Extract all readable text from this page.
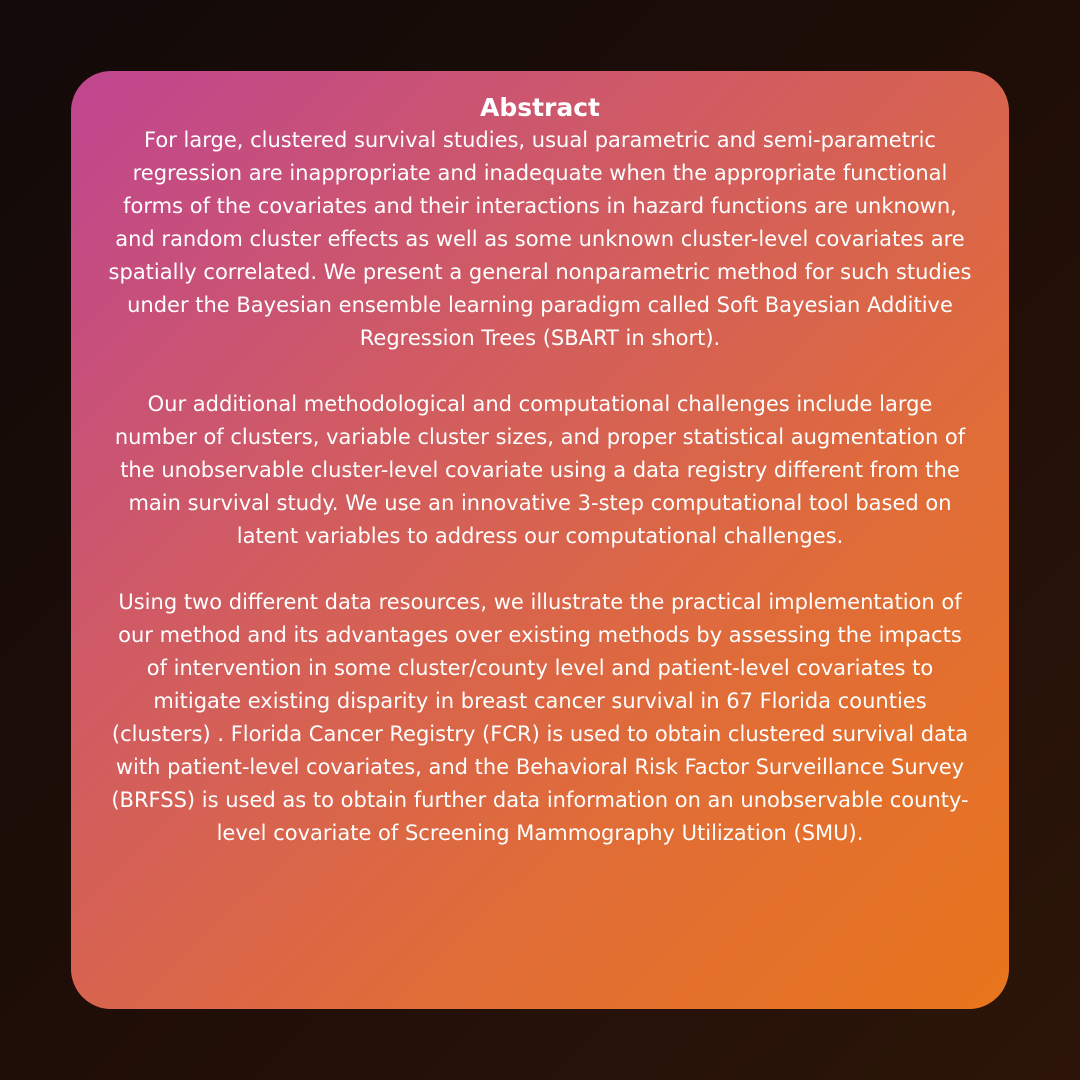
Abstract

For large, clustered survival studies, usual parametric and semi-parametric regression are inappropriate and inadequate when the appropriate functional forms of the covariates and their interactions in hazard functions are unknown, and random cluster effects as well as some unknown cluster-level covariates are spatially correlated. We present a general nonparametric method for such studies under the Bayesian ensemble learning paradigm called Soft Bayesian Additive Regression Trees (SBART in short).

Our additional methodological and computational challenges include large number of clusters, variable cluster sizes, and proper statistical augmentation of the unobservable cluster-level covariate using a data registry different from the main survival study. We use an innovative 3-step computational tool based on latent variables to address our computational challenges.

Using two different data resources, we illustrate the practical implementation of our method and its advantages over existing methods by assessing the impacts of intervention in some cluster/county level and patient-level covariates to mitigate existing disparity in breast cancer survival in 67 Florida counties (clusters) . Florida Cancer Registry (FCR) is used to obtain clustered survival data with patient-level covariates, and the Behavioral Risk Factor Surveillance Survey (BRFSS) is used as to obtain further data information on an unobservable county-level covariate of Screening Mammography Utilization (SMU).
